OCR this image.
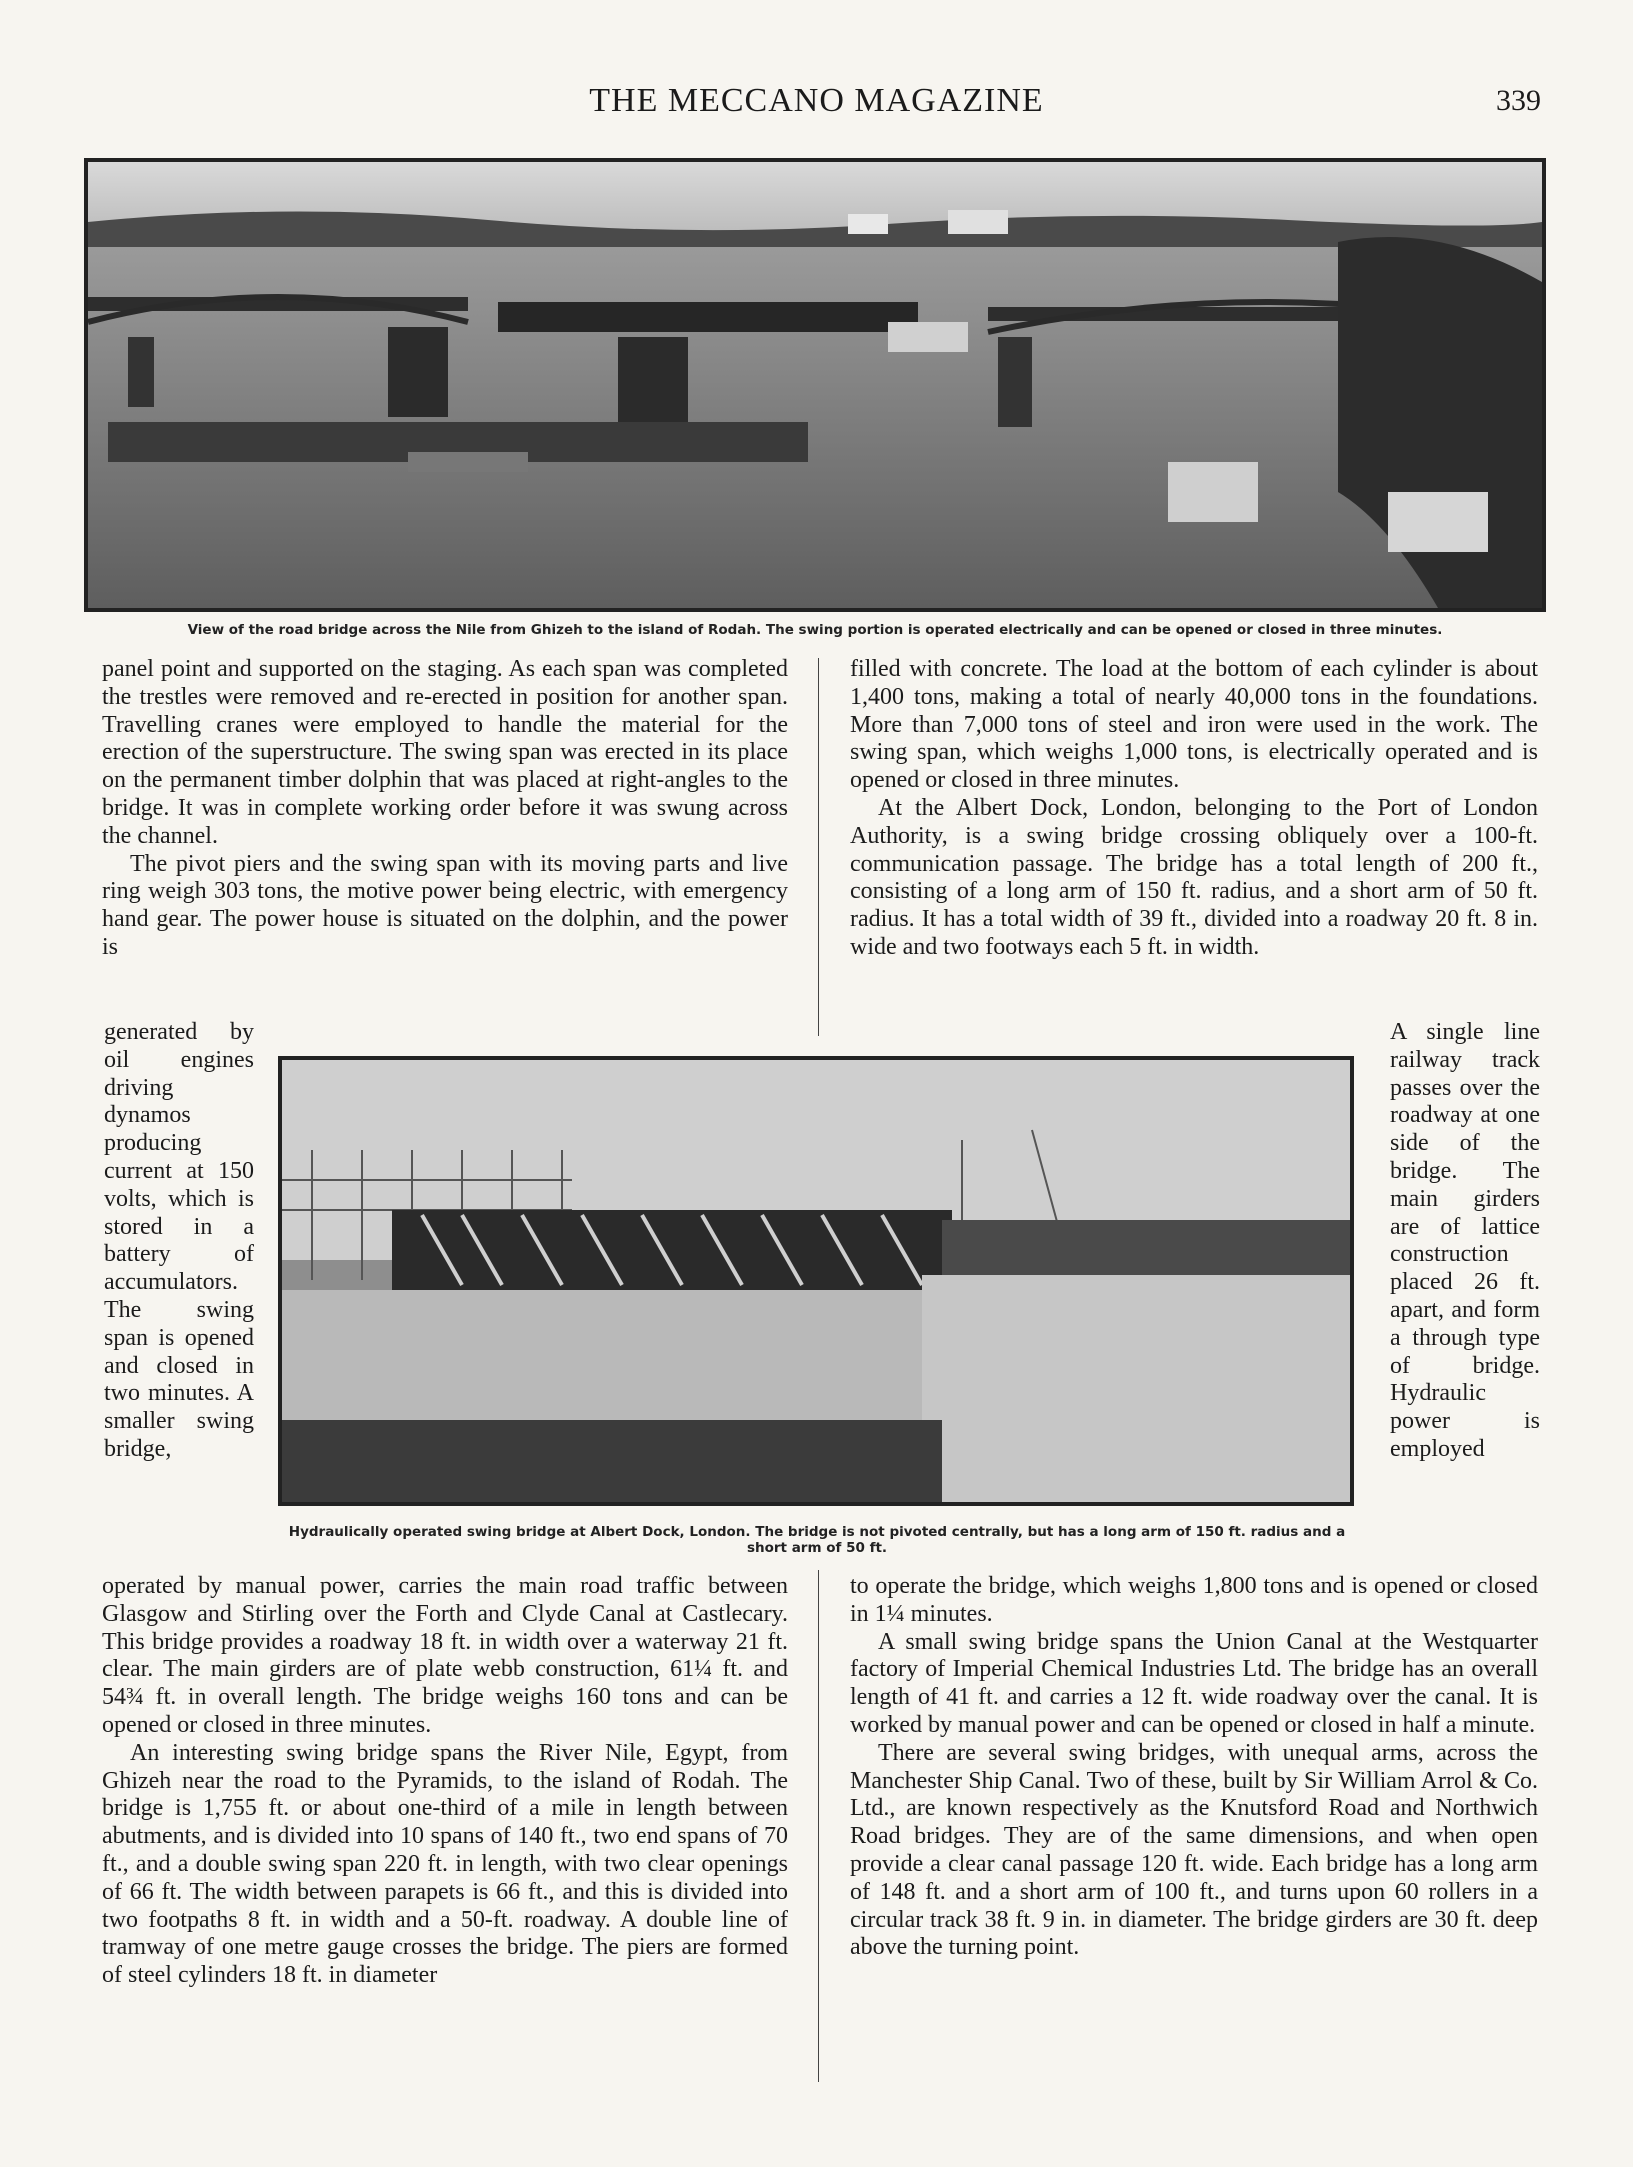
THE MECCANO MAGAZINE	339
View of the road bridge across the Nile from Ghizeh to the island of Rodah. The swing portion is operated electrically and can be opened or closed in three minutes.

panel point and supported on the staging. As each span was completed the trestles were removed and re-erected in position for another span. Travelling cranes were employed to handle the material for the erection of the superstructure. The swing span was erected in its place on the permanent timber dolphin that was placed at right-angles to the bridge. It was in complete working order before it was swung across the channel.

The pivot piers and the swing span with its moving parts and live ring weigh 303 tons, the motive power being electric, with emergency hand gear. The power house is situated on the dolphin, and the power is

filled with concrete. The load at the bottom of each cylinder is about 1,400 tons, making a total of nearly 40,000 tons in the foundations. More than 7,000 tons of steel and iron were used in the work. The swing span, which weighs 1,000 tons, is electrically operated and is opened or closed in three minutes.

At the Albert Dock, London, belonging to the Port of London Authority, is a swing bridge crossing obliquely over a 100-ft. communication passage. The bridge has a total length of 200 ft., consisting of a long arm of 150 ft. radius, and a short arm of 50 ft. radius. It has a total width of 39 ft., divided into a roadway 20 ft. 8 in. wide and two footways each 5 ft. in width.

generated by oil engines driving dynamos producing current at 150 volts, which is stored in a battery of accumulators. The swing span is opened and closed in two minutes. A smaller swing bridge,

Hydraulically operated swing bridge at Albert Dock, London. The bridge is not pivoted centrally, but has a long arm of 150 ft. radius and a short arm of 50 ft.

A single line railway track passes over the roadway at one side of the bridge. The main girders are of lattice construction placed 26 ft. apart, and form a through type of bridge. Hydraulic power is employed

operated by manual power, carries the main road traffic between Glasgow and Stirling over the Forth and Clyde Canal at Castlecary. This bridge provides a roadway 18 ft. in width over a waterway 21 ft. clear. The main girders are of plate webb construction, 61¼ ft. and 54¾ ft. in overall length. The bridge weighs 160 tons and can be opened or closed in three minutes.

An interesting swing bridge spans the River Nile, Egypt, from Ghizeh near the road to the Pyramids, to the island of Rodah. The bridge is 1,755 ft. or about one-third of a mile in length between abutments, and is divided into 10 spans of 140 ft., two end spans of 70 ft., and a double swing span 220 ft. in length, with two clear openings of 66 ft. The width between parapets is 66 ft., and this is divided into two footpaths 8 ft. in width and a 50-ft. roadway. A double line of tramway of one metre gauge crosses the bridge. The piers are formed of steel cylinders 18 ft. in diameter

to operate the bridge, which weighs 1,800 tons and is opened or closed in 1¼ minutes.

A small swing bridge spans the Union Canal at the Westquarter factory of Imperial Chemical Industries Ltd. The bridge has an overall length of 41 ft. and carries a 12 ft. wide roadway over the canal. It is worked by manual power and can be opened or closed in half a minute.

There are several swing bridges, with unequal arms, across the Manchester Ship Canal. Two of these, built by Sir William Arrol & Co. Ltd., are known respectively as the Knutsford Road and Northwich Road bridges. They are of the same dimensions, and when open provide a clear canal passage 120 ft. wide. Each bridge has a long arm of 148 ft. and a short arm of 100 ft., and turns upon 60 rollers in a circular track 38 ft. 9 in. in diameter. The bridge girders are 30 ft. deep above the turning point.
